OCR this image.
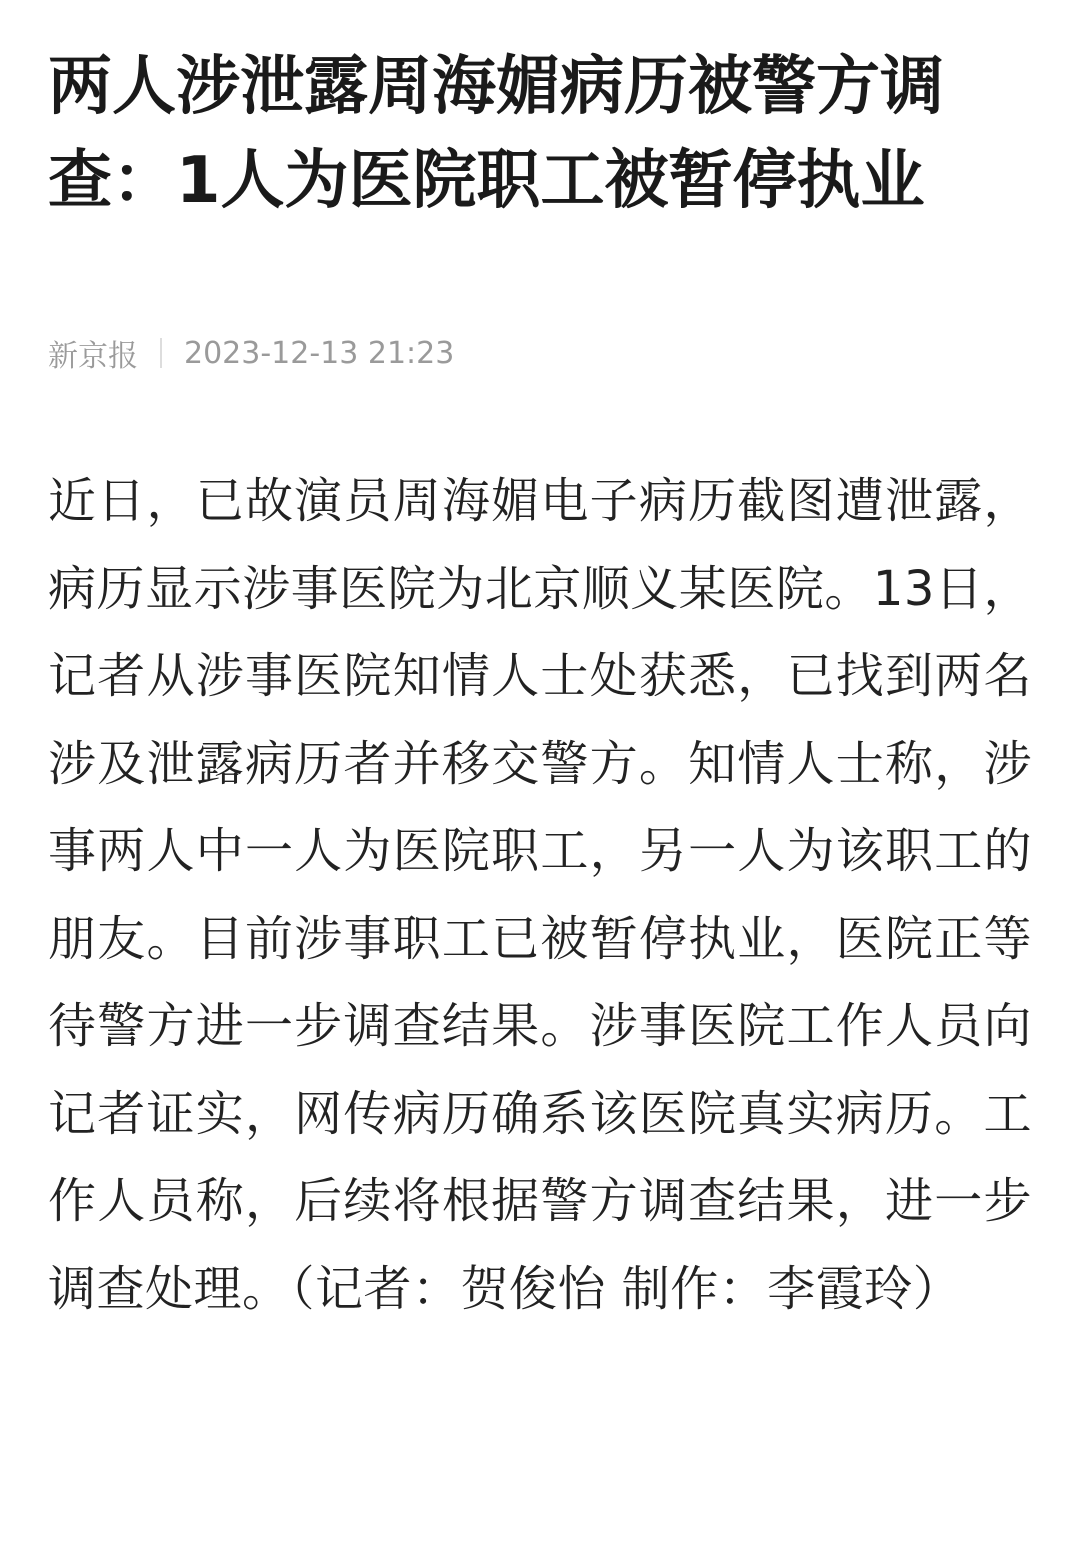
两人涉泄露周海媚病历被警方调查：1人为医院职工被暂停执业
新京报 2023-12-13 21:23

近日，已故演员周海媚电子病历截图遭泄露，病历显示涉事医院为北京顺义某医院。13日，记者从涉事医院知情人士处获悉，已找到两名涉及泄露病历者并移交警方。知情人士称，涉事两人中一人为医院职工，另一人为该职工的朋友。目前涉事职工已被暂停执业，医院正等待警方进一步调查结果。涉事医院工作人员向记者证实，网传病历确系该医院真实病历。工作人员称，后续将根据警方调查结果，进一步调查处理。（记者：贺俊怡 制作：李霞玲）
